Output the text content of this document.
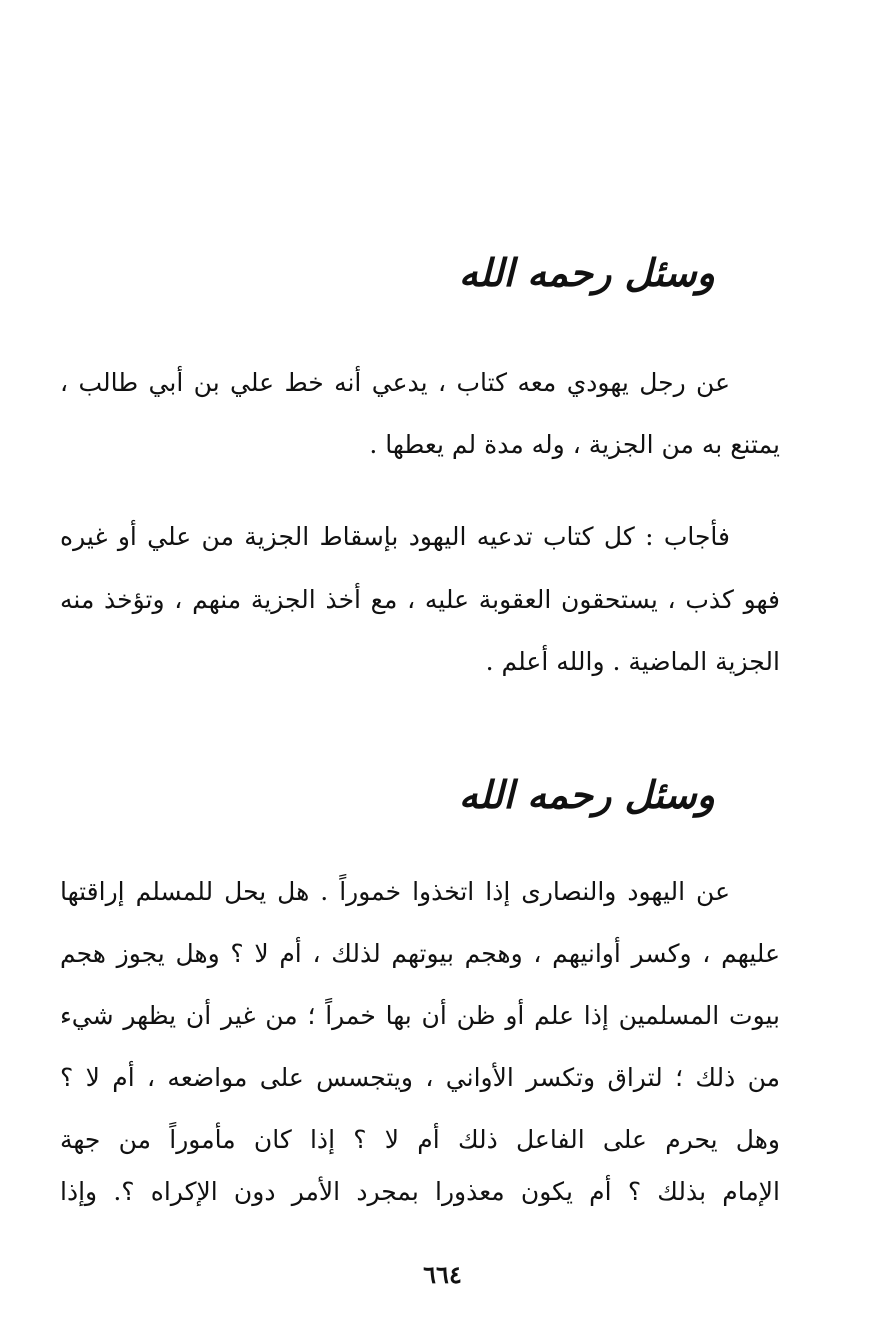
وسئل رحمه الله
عن رجل يهودي معه كتاب ، يدعي أنه خط علي بن أبي طالب ،
يمتنع به من الجزية ، وله مدة لم يعطها .
فأجاب : كل كتاب تدعيه اليهود بإسقاط الجزية من علي أو غيره
فهو كذب ، يستحقون العقوبة عليه ، مع أخذ الجزية منهم ، وتؤخذ منه
الجزية الماضية . والله أعلم .
وسئل رحمه الله
عن اليهود والنصارى إذا اتخذوا خموراً . هل يحل للمسلم إراقتها
عليهم ، وكسر أوانيهم ، وهجم بيوتهم لذلك ، أم لا ؟ وهل يجوز هجم
بيوت المسلمين إذا علم أو ظن أن بها خمراً ؛ من غير أن يظهر شيء
من ذلك ؛ لتراق وتكسر الأواني ، ويتجسس على مواضعه ، أم لا ؟
وهل يحرم على الفاعل ذلك أم لا ؟ إذا كان مأموراً من جهة
الإمام بذلك ؟ أم يكون معذورا بمجرد الأمر دون الإكراه ؟. وإذا
٦٦٤
